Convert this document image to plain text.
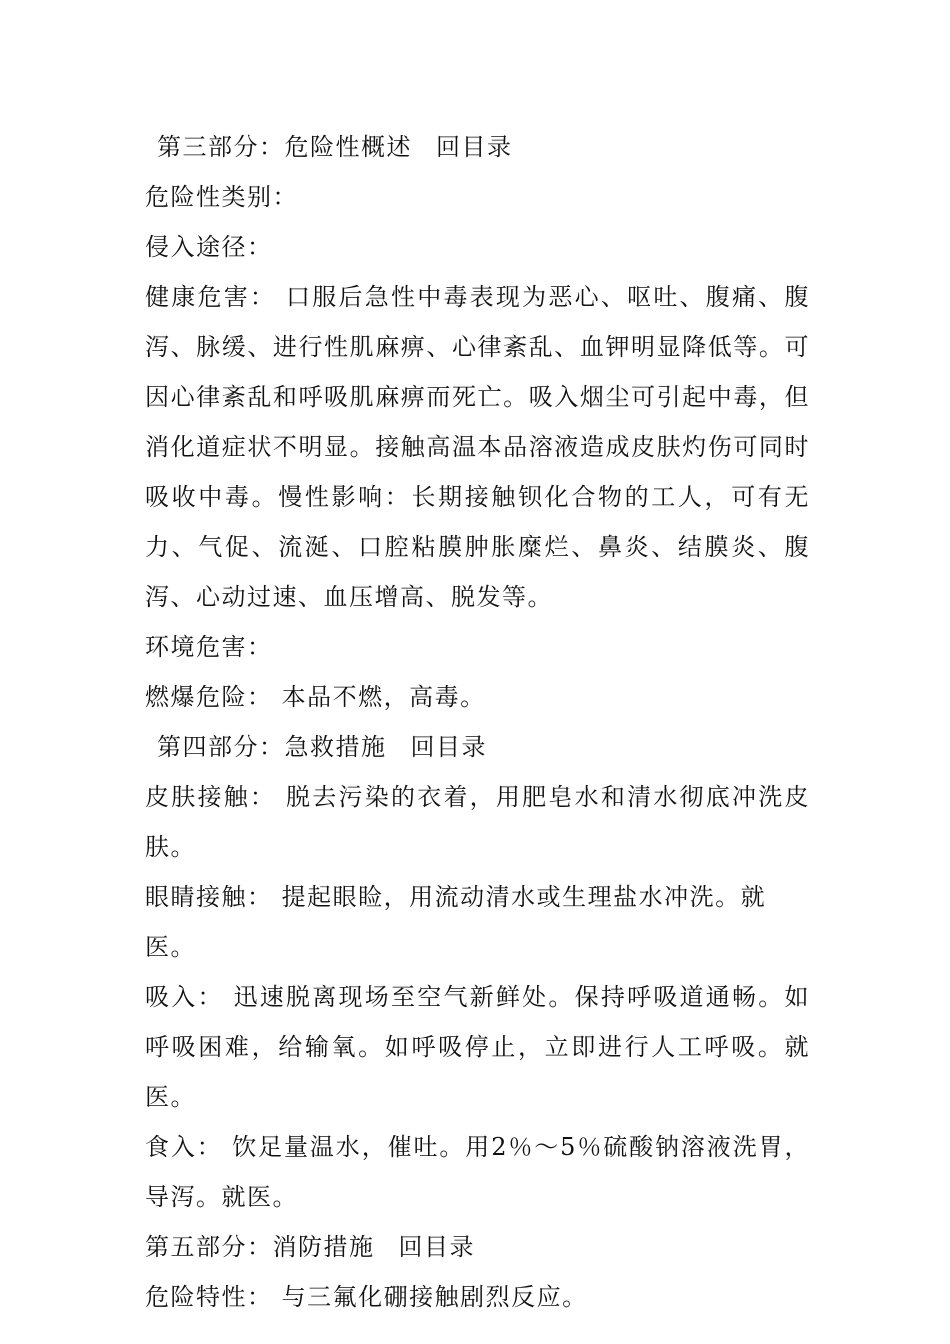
第三部分：危险性概述 回目录

危险性类别：

侵入途径：

健康危害： 口服后急性中毒表现为恶心、呕吐、腹痛、腹泻、脉缓、进行性肌麻痹、心律紊乱、血钾明显降低等。可因心律紊乱和呼吸肌麻痹而死亡。吸入烟尘可引起中毒，但消化道症状不明显。接触高温本品溶液造成皮肤灼伤可同时吸收中毒。慢性影响：长期接触钡化合物的工人，可有无力、气促、流涎、口腔粘膜肿胀糜烂、鼻炎、结膜炎、腹泻、心动过速、血压增高、脱发等。

环境危害：

燃爆危险： 本品不燃，高毒。

第四部分：急救措施 回目录

皮肤接触： 脱去污染的衣着，用肥皂水和清水彻底冲洗皮肤。

眼睛接触： 提起眼睑，用流动清水或生理盐水冲洗。就医。

吸入： 迅速脱离现场至空气新鲜处。保持呼吸道通畅。如呼吸困难，给输氧。如呼吸停止，立即进行人工呼吸。就医。

食入： 饮足量温水，催吐。用2％～5％硫酸钠溶液洗胃，导泻。就医。

第五部分：消防措施 回目录

危险特性： 与三氟化硼接触剧烈反应。
